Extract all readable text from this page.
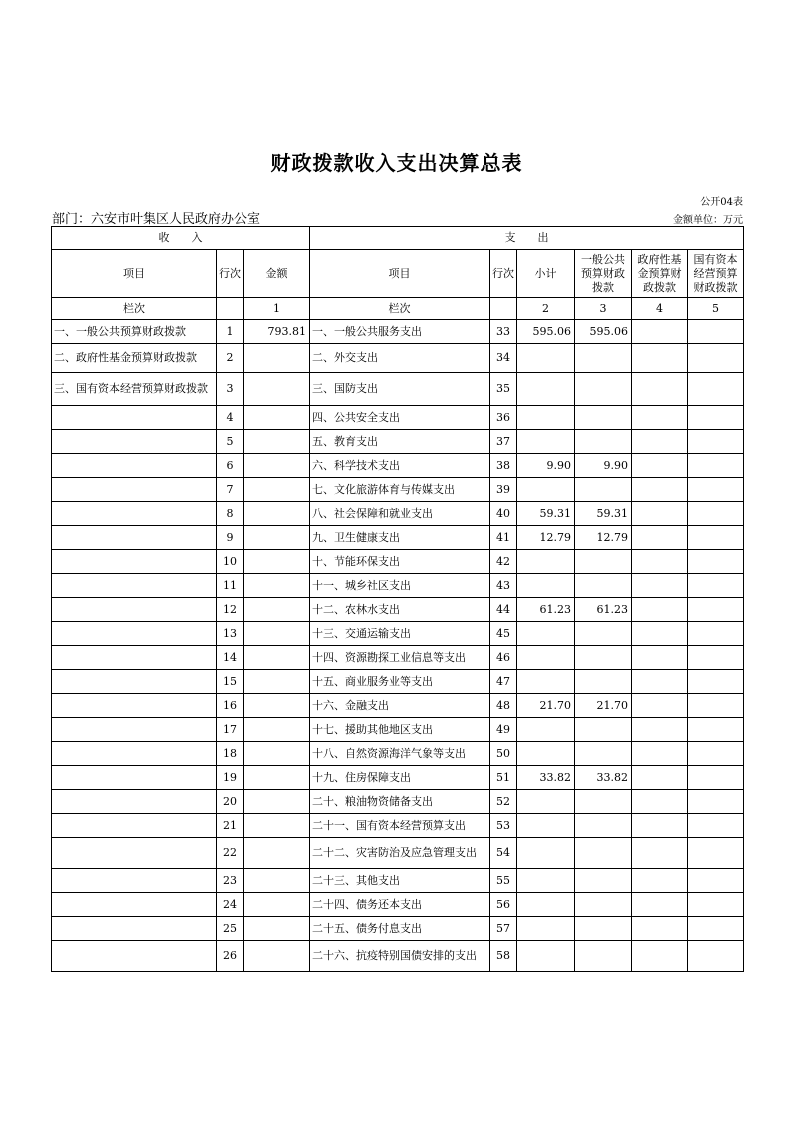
财政拨款收入支出决算总表
公开04表
部门：六安市叶集区人民政府办公室	金额单位：万元
收　　入			支　　出					
项目	行次	金额	项目	行次	小计	一般公共预算财政拨款	政府性基金预算财政拨款	国有资本经营预算财政拨款
栏次		1	栏次		2	3	4	5
一、一般公共预算财政拨款	1	793.81	一、一般公共服务支出	33	595.06	595.06		
二、政府性基金预算财政拨款	2		二、外交支出	34				
三、国有资本经营预算财政拨款	3		三、国防支出	35				
	4		四、公共安全支出	36				
	5		五、教育支出	37				
	6		六、科学技术支出	38	9.90	9.90		
	7		七、文化旅游体育与传媒支出	39				
	8		八、社会保障和就业支出	40	59.31	59.31		
	9		九、卫生健康支出	41	12.79	12.79		
	10		十、节能环保支出	42				
	11		十一、城乡社区支出	43				
	12		十二、农林水支出	44	61.23	61.23		
	13		十三、交通运输支出	45				
	14		十四、资源勘探工业信息等支出	46				
	15		十五、商业服务业等支出	47				
	16		十六、金融支出	48	21.70	21.70		
	17		十七、援助其他地区支出	49				
	18		十八、自然资源海洋气象等支出	50				
	19		十九、住房保障支出	51	33.82	33.82		
	20		二十、粮油物资储备支出	52				
	21		二十一、国有资本经营预算支出	53				
	22		二十二、灾害防治及应急管理支出	54				
	23		二十三、其他支出	55				
	24		二十四、债务还本支出	56				
	25		二十五、债务付息支出	57				
	26		二十六、抗疫特别国债安排的支出	58				
